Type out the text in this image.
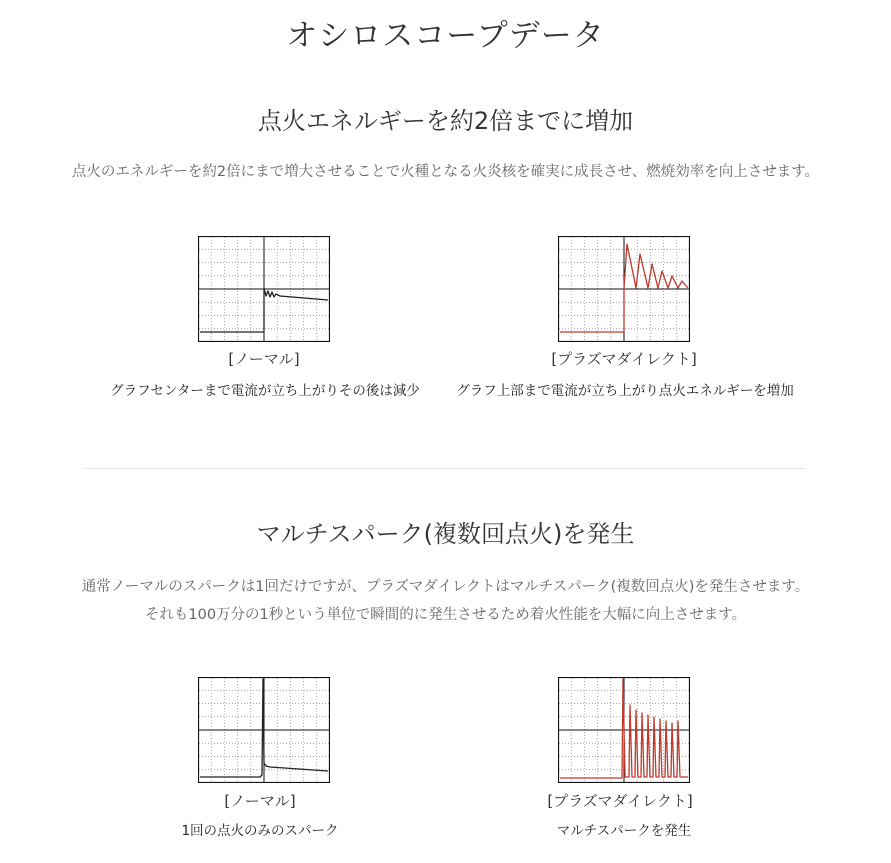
オシロスコープデータ
点火エネルギーを約2倍までに増加

点火のエネルギーを約2倍にまで増大させることで火種となる火炎核を確実に成長させ、燃焼効率を向上させます。

[ノーマル]
グラフセンターまで電流が立ち上がりその後は減少
[プラズマダイレクト]
グラフ上部まで電流が立ち上がり点火エネルギーを増加
マルチスパーク(複数回点火)を発生

通常ノーマルのスパークは1回だけですが、プラズマダイレクトはマルチスパーク(複数回点火)を発生させます。

それも100万分の1秒という単位で瞬間的に発生させるため着火性能を大幅に向上させます。

[ノーマル]
1回の点火のみのスパーク
[プラズマダイレクト]
マルチスパークを発生
